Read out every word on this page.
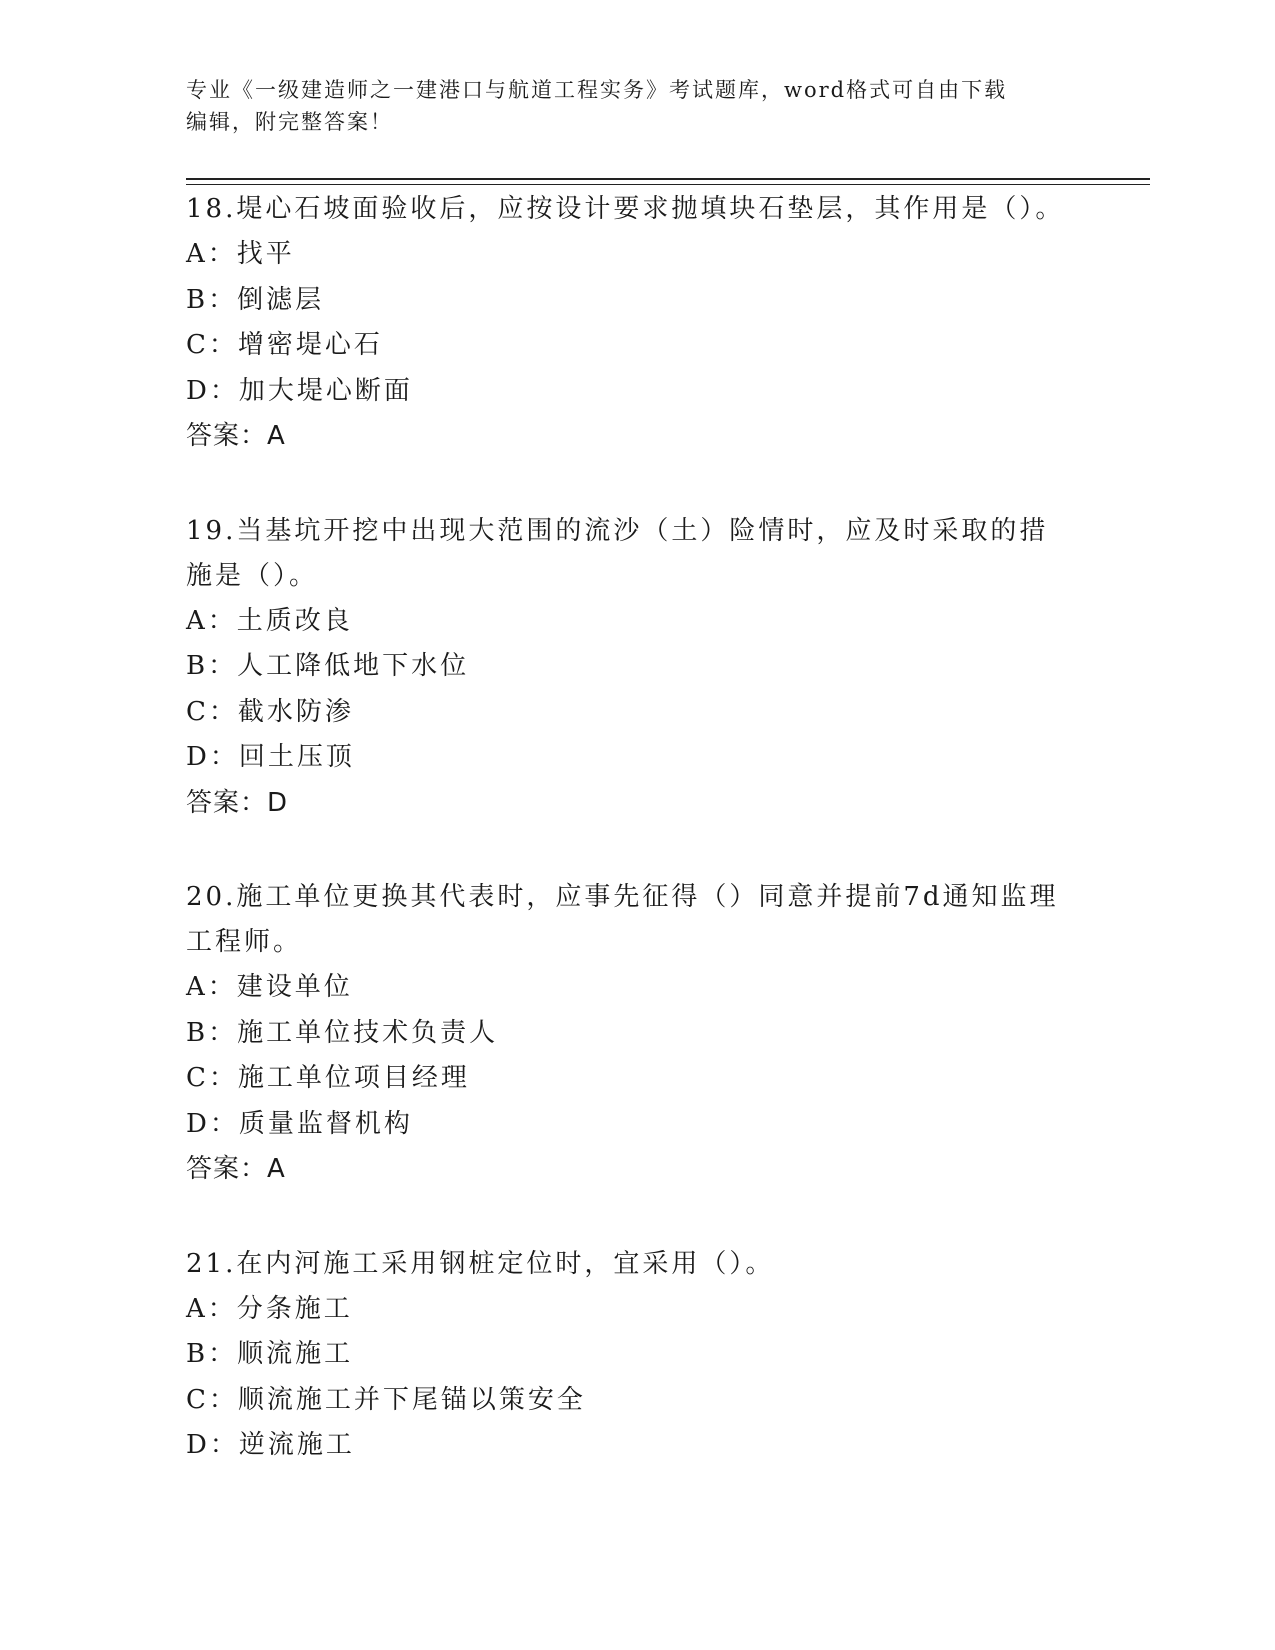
专业《一级建造师之一建港口与航道工程实务》考试题库，word格式可自由下载
编辑，附完整答案！
18.堤心石坡面验收后，应按设计要求抛填块石垫层，其作用是（）。
A：找平
B：倒滤层
C：增密堤心石
D：加大堤心断面
答案：A
19.当基坑开挖中出现大范围的流沙（土）险情时，应及时采取的措施是（）。
A：土质改良
B：人工降低地下水位
C：截水防渗
D：回土压顶
答案：D
20.施工单位更换其代表时，应事先征得（）同意并提前7d通知监理工程师。
A：建设单位
B：施工单位技术负责人
C：施工单位项目经理
D：质量监督机构
答案：A
21.在内河施工采用钢桩定位时，宜采用（）。
A：分条施工
B：顺流施工
C：顺流施工并下尾锚以策安全
D：逆流施工
